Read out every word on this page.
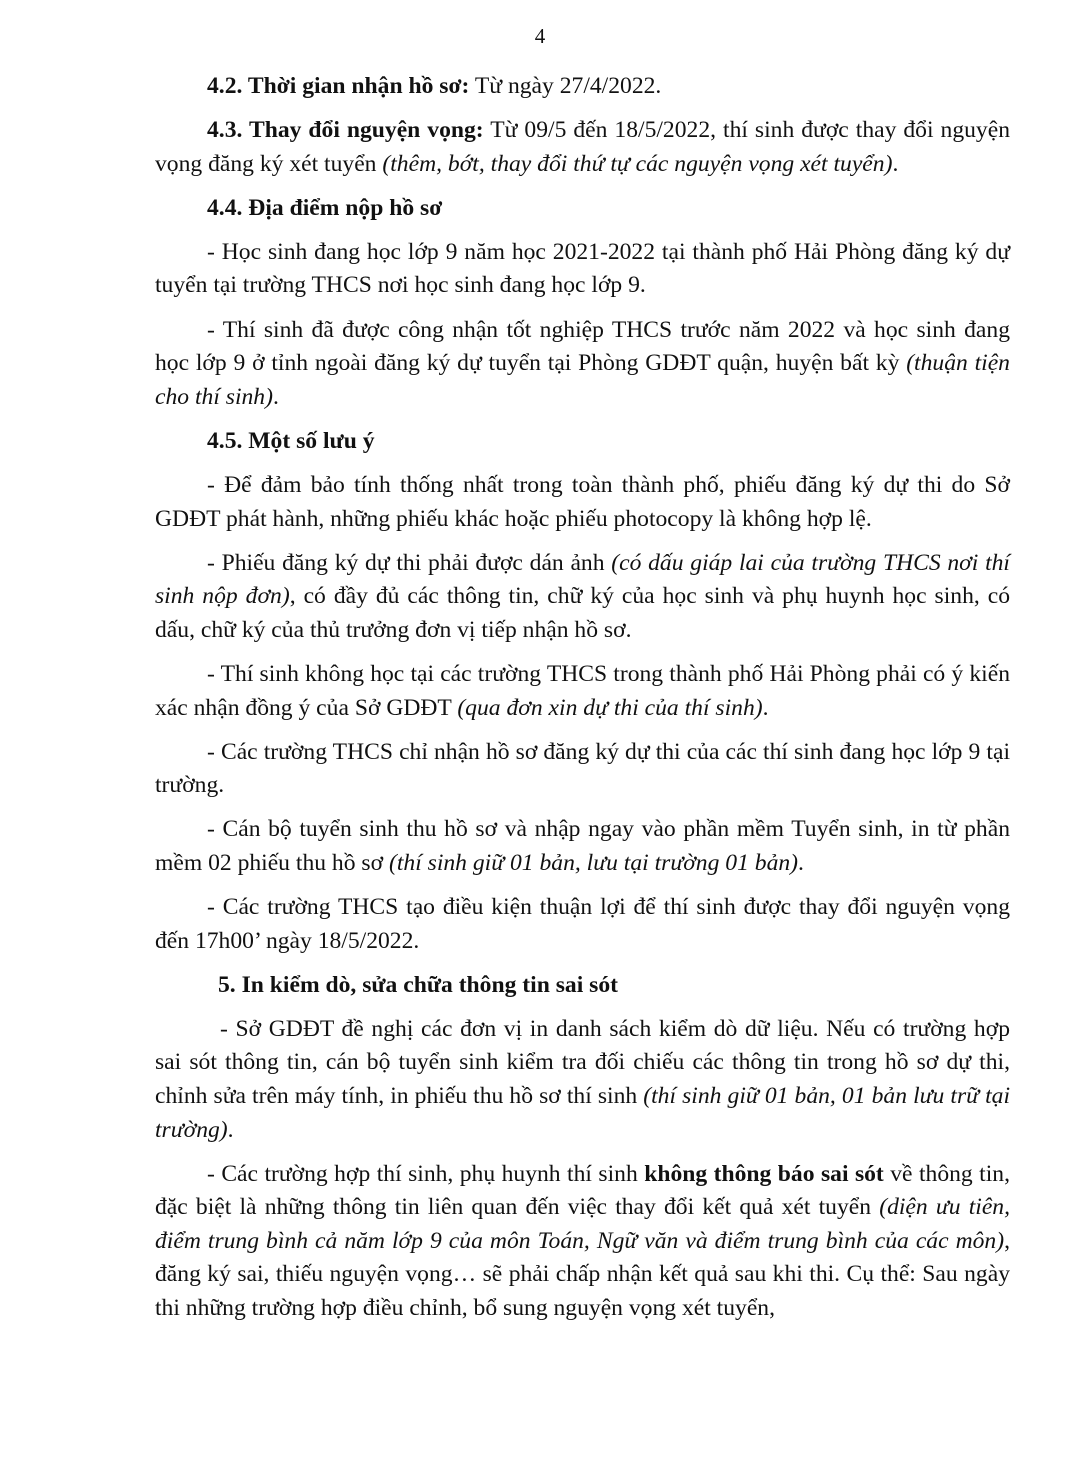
4

4.2. Thời gian nhận hồ sơ: Từ ngày 27/4/2022.

4.3. Thay đổi nguyện vọng: Từ 09/5 đến 18/5/2022, thí sinh được thay đổi nguyện vọng đăng ký xét tuyển (thêm, bớt, thay đổi thứ tự các nguyện vọng xét tuyển).

4.4. Địa điểm nộp hồ sơ

- Học sinh đang học lớp 9 năm học 2021-2022 tại thành phố Hải Phòng đăng ký dự tuyển tại trường THCS nơi học sinh đang học lớp 9.

- Thí sinh đã được công nhận tốt nghiệp THCS trước năm 2022 và học sinh đang học lớp 9 ở tỉnh ngoài đăng ký dự tuyển tại Phòng GDĐT quận, huyện bất kỳ (thuận tiện cho thí sinh).

4.5. Một số lưu ý

- Để đảm bảo tính thống nhất trong toàn thành phố, phiếu đăng ký dự thi do Sở GDĐT phát hành, những phiếu khác hoặc phiếu photocopy là không hợp lệ.

- Phiếu đăng ký dự thi phải được dán ảnh (có dấu giáp lai của trường THCS nơi thí sinh nộp đơn), có đầy đủ các thông tin, chữ ký của học sinh và phụ huynh học sinh, có dấu, chữ ký của thủ trưởng đơn vị tiếp nhận hồ sơ.

- Thí sinh không học tại các trường THCS trong thành phố Hải Phòng phải có ý kiến xác nhận đồng ý của Sở GDĐT (qua đơn xin dự thi của thí sinh).

- Các trường THCS chỉ nhận hồ sơ đăng ký dự thi của các thí sinh đang học lớp 9 tại trường.

- Cán bộ tuyển sinh thu hồ sơ và nhập ngay vào phần mềm Tuyển sinh, in từ phần mềm 02 phiếu thu hồ sơ (thí sinh giữ 01 bản, lưu tại trường 01 bản).

- Các trường THCS tạo điều kiện thuận lợi để thí sinh được thay đổi nguyện vọng đến 17h00’ ngày 18/5/2022.

5. In kiểm dò, sửa chữa thông tin sai sót

- Sở GDĐT đề nghị các đơn vị in danh sách kiểm dò dữ liệu. Nếu có trường hợp sai sót thông tin, cán bộ tuyển sinh kiểm tra đối chiếu các thông tin trong hồ sơ dự thi, chỉnh sửa trên máy tính, in phiếu thu hồ sơ thí sinh (thí sinh giữ 01 bản, 01 bản lưu trữ tại trường).

- Các trường hợp thí sinh, phụ huynh thí sinh không thông báo sai sót về thông tin, đặc biệt là những thông tin liên quan đến việc thay đổi kết quả xét tuyển (diện ưu tiên, điểm trung bình cả năm lớp 9 của môn Toán, Ngữ văn và điểm trung bình của các môn), đăng ký sai, thiếu nguyện vọng… sẽ phải chấp nhận kết quả sau khi thi. Cụ thể: Sau ngày thi những trường hợp điều chỉnh, bổ sung nguyện vọng xét tuyển,
